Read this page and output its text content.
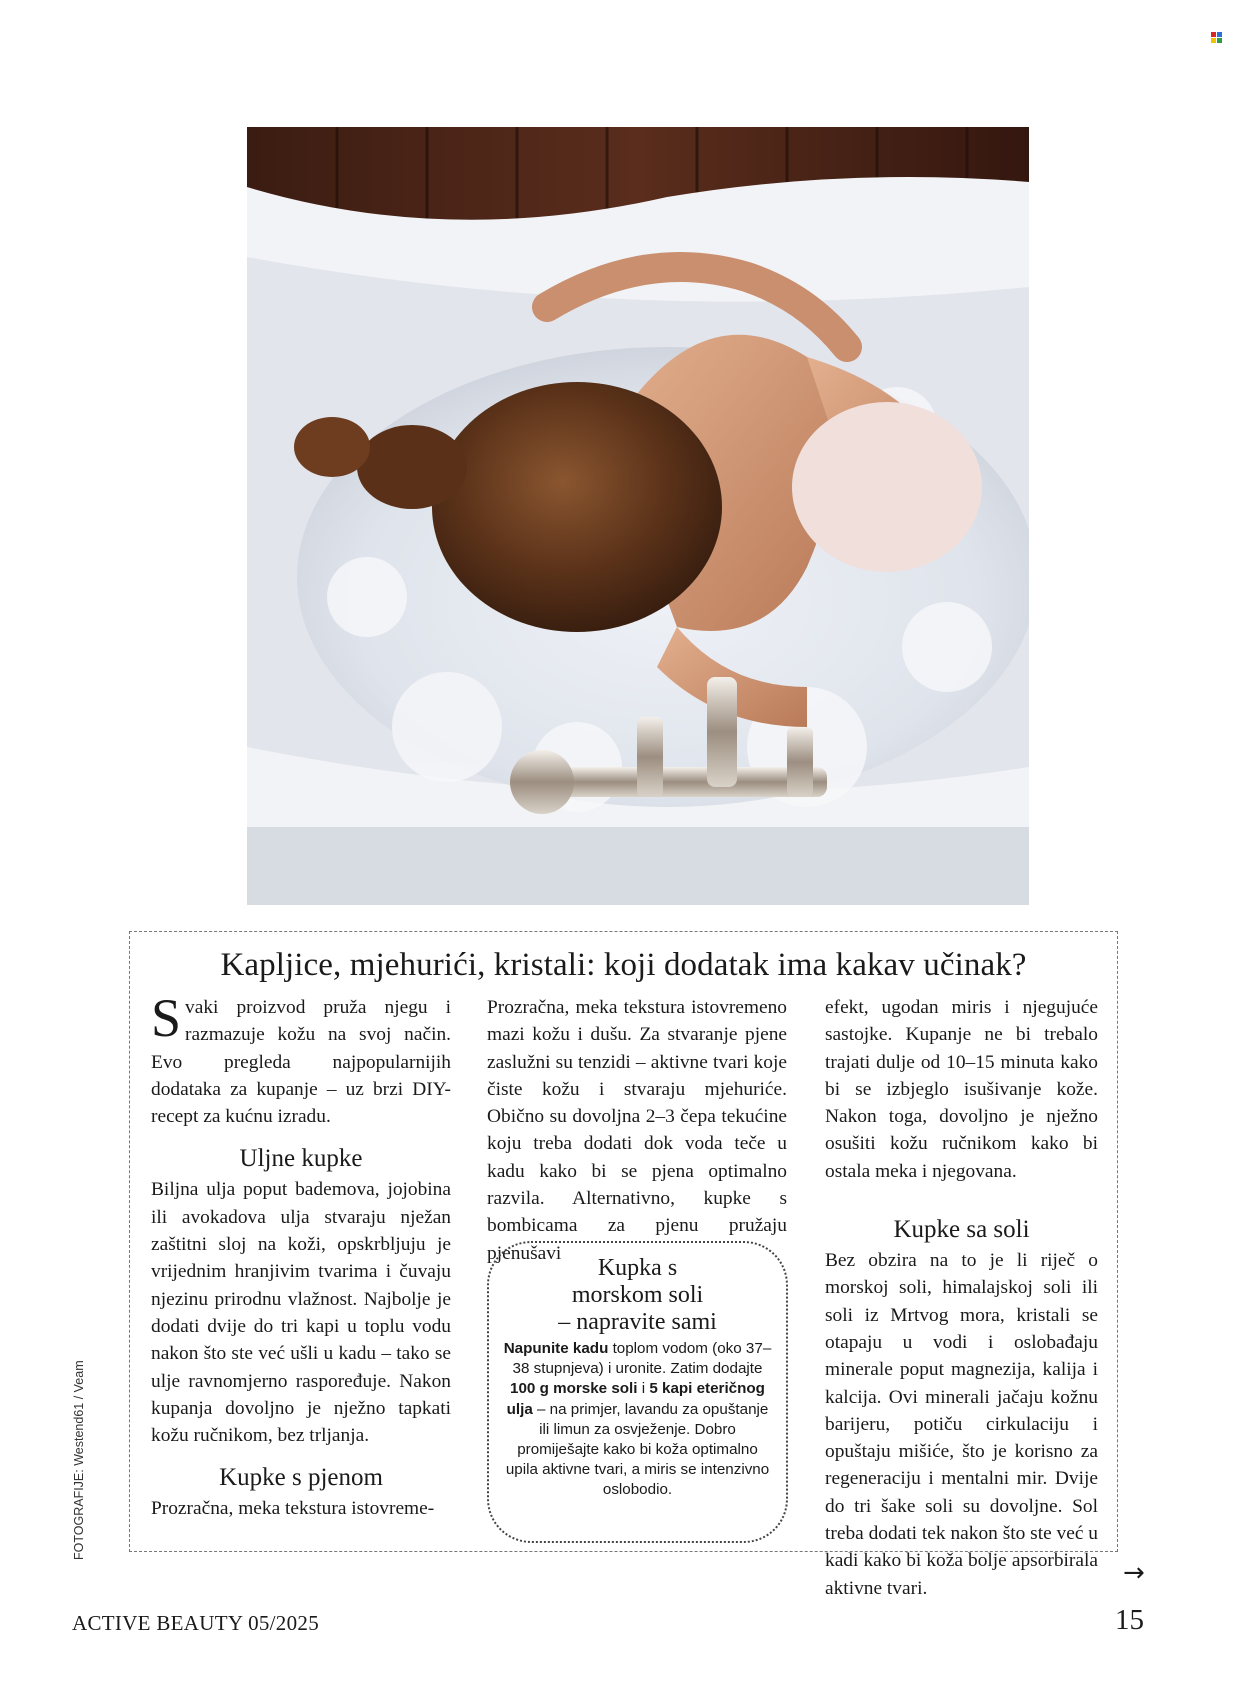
Kapljice, mjehurići, kristali: koji dodatak ima kakav učinak?

Svaki proizvod pruža njegu i razmazuje kožu na svoj način. Evo pregleda najpopularnijih dodataka za kupanje – uz brzi DIY-recept za kućnu izradu.

Uljne kupke

Biljna ulja poput bademova, jojobina ili avokadova ulja stvaraju nježan zaštitni sloj na koži, opskrbljuju je vrijednim hranjivim tvarima i čuvaju njezinu prirodnu vlažnost. Najbolje je dodati dvije do tri kapi u toplu vodu nakon što ste već ušli u kadu – tako se ulje ravnomjerno raspoređuje. Nakon kupanja dovoljno je nježno tapkati kožu ručnikom, bez trljanja.

Kupke s pjenom

Prozračna, meka tekstura istovreme-

Prozračna, meka tekstura istovremeno mazi kožu i dušu. Za stvaranje pjene zaslužni su tenzidi – aktivne tvari koje čiste kožu i stvaraju mjehuriće. Obično su dovoljna 2–3 čepa tekućine koju treba dodati dok voda teče u kadu kako bi se pjena optimalno razvila. Alternativno, kupke s bombicama za pjenu pružaju pjenušavi

Kupka s
morskom soli
– napravite sami
Napunite kadu toplom vodom (oko 37–38 stupnjeva) i uronite. Zatim dodajte 100 g morske soli i 5 kapi eteričnog ulja – na primjer, lavandu za opuštanje ili limun za osvježenje. Dobro promiješajte kako bi koža optimalno upila aktivne tvari, a miris se intenzivno oslobodio.

efekt, ugodan miris i njegujuće sastojke. Kupanje ne bi trebalo trajati dulje od 10–15 minuta kako bi se izbjeglo isušivanje kože. Nakon toga, dovoljno je nježno osušiti kožu ručnikom kako bi ostala meka i njegovana.

Kupke sa soli

Bez obzira na to je li riječ o morskoj soli, himalajskoj soli ili soli iz Mrtvog mora, kristali se otapaju u vodi i oslobađaju minerale poput magnezija, kalija i kalcija. Ovi minerali jačaju kožnu barijeru, potiču cirkulaciju i opuštaju mišiće, što je korisno za regeneraciju i mentalni mir. Dvije do tri šake soli su dovoljne. Sol treba dodati tek nakon što ste već u kadi kako bi koža bolje apsorbirala aktivne tvari.

FOTOGRAFIJE: Westend61 / Veam
→
ACTIVE BEAUTY 05/2025	15
